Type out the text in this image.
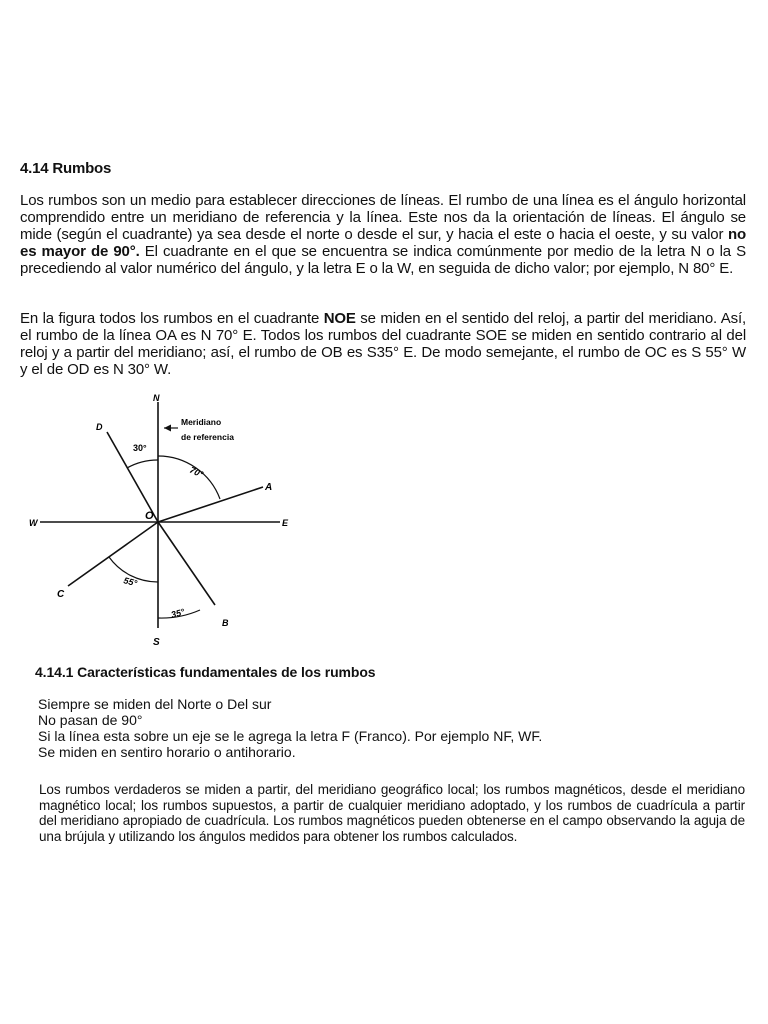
4.14 Rumbos

Los rumbos son un medio para establecer direcciones de líneas. El rumbo de una línea es el ángulo horizontal comprendido entre un meridiano de referencia y la línea. Este nos da la orientación de líneas. El ángulo se mide (según el cuadrante) ya sea desde el norte o desde el sur, y hacia el este o hacia el oeste, y su valor no es mayor de 90°. El cuadrante en el que se encuentra se indica comúnmente por medio de la letra N o la S precediendo al valor numérico del ángulo, y la letra E o la W, en seguida de dicho valor; por ejemplo, N 80° E.

En la figura todos los rumbos en el cuadrante NOE se miden en el sentido del reloj, a partir del meridiano. Así, el rumbo de la línea OA es N 70° E. Todos los rumbos del cuadrante SOE se miden en sentido contrario al del reloj y a partir del meridiano; así, el rumbo de OB es S35° E. De modo semejante, el rumbo de OC es S 55° W y el de OD es N 30° W.

N
S
E
W
O
A
B
C
D	Meridiano
de referencia
70°
30°
55°
35°
4.14.1 Características fundamentales de los rumbos
Siempre se miden del Norte o Del sur
No pasan de 90°
Si la línea esta sobre un eje se le agrega la letra F (Franco). Por ejemplo NF, WF.
Se miden en sentiro horario o antihorario.

Los rumbos verdaderos se miden a partir, del meridiano geográfico local; los rumbos magnéticos, desde el meridiano magnético local; los rumbos supuestos, a partir de cualquier meridiano adoptado, y los rumbos de cuadrícula a partir del meridiano apropiado de cuadrícula. Los rumbos magnéticos pueden obtenerse en el campo observando la aguja de una brújula y utilizando los ángulos medidos para obtener los rumbos calculados.
